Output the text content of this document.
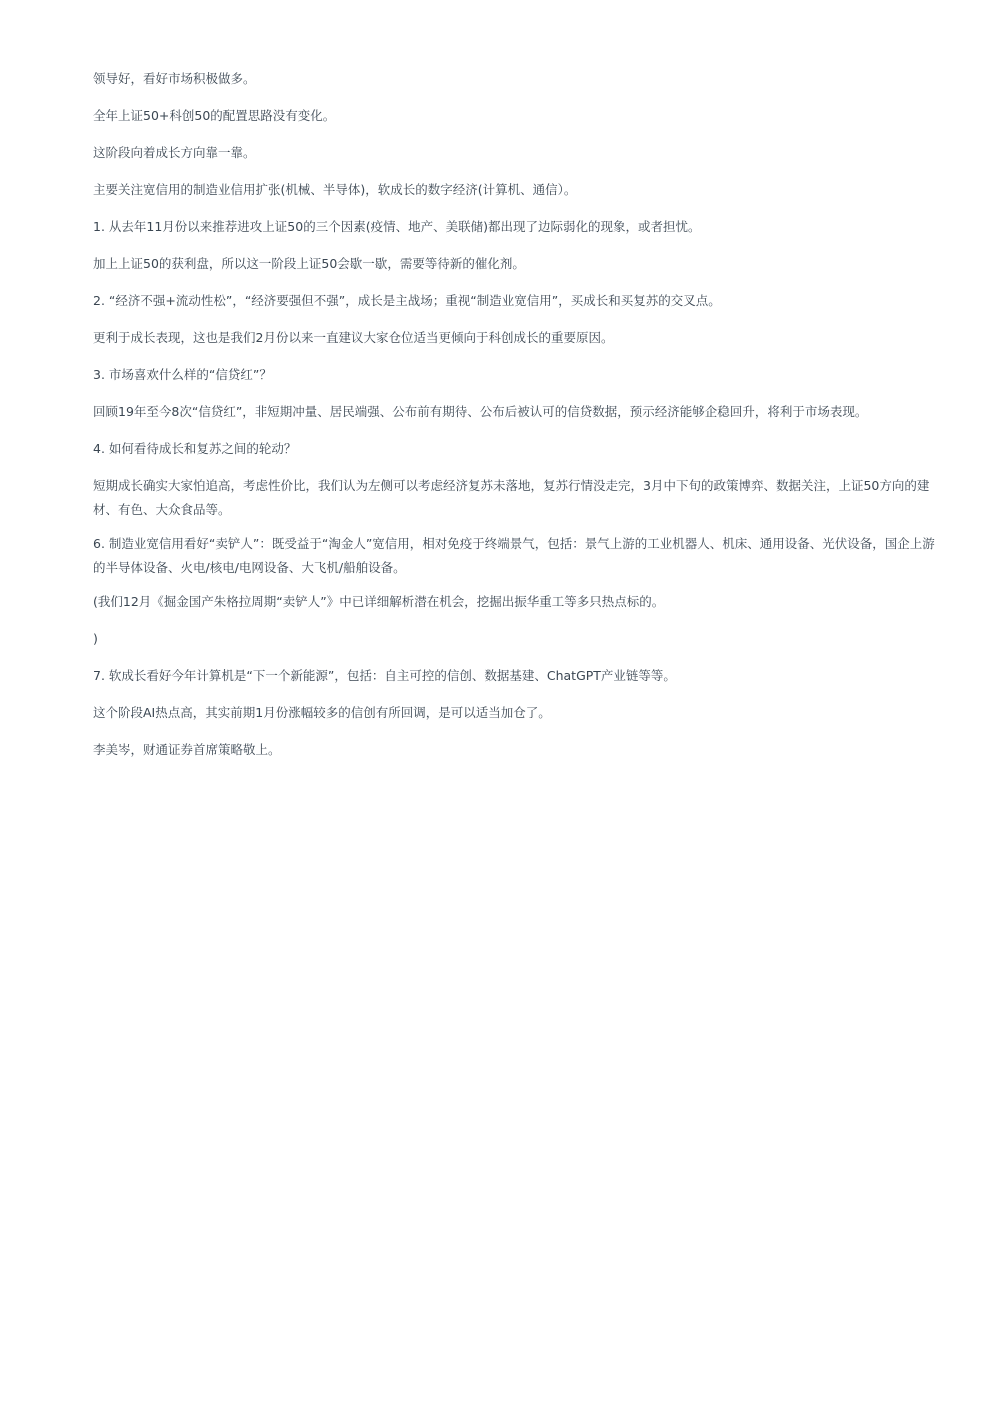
领导好，看好市场积极做多。

全年上证50+科创50的配置思路没有变化。

这阶段向着成长方向靠一靠。

主要关注宽信用的制造业信用扩张(机械、半导体)，软成长的数字经济(计算机、通信）。

1. 从去年11月份以来推荐进攻上证50的三个因素(疫情、地产、美联储)都出现了边际弱化的现象，或者担忧。

加上上证50的获利盘，所以这一阶段上证50会歇一歇，需要等待新的催化剂。

2. “经济不强+流动性松”，“经济要强但不强”，成长是主战场；重视“制造业宽信用”，买成长和买复苏的交叉点。

更利于成长表现，这也是我们2月份以来一直建议大家仓位适当更倾向于科创成长的重要原因。

3. 市场喜欢什么样的“信贷红”？

回顾19年至今8次“信贷红”，非短期冲量、居民端强、公布前有期待、公布后被认可的信贷数据，预示经济能够企稳回升，将利于市场表现。

4. 如何看待成长和复苏之间的轮动？

短期成长确实大家怕追高，考虑性价比，我们认为左侧可以考虑经济复苏未落地，复苏行情没走完，3月中下旬的政策博弈、数据关注，上证50方向的建材、有色、大众食品等。

6. 制造业宽信用看好“卖铲人”：既受益于“淘金人”宽信用，相对免疫于终端景气，包括：景气上游的工业机器人、机床、通用设备、光伏设备，国企上游的半导体设备、火电/核电/电网设备、大飞机/船舶设备。

(我们12月《掘金国产朱格拉周期“卖铲人”》中已详细解析潜在机会，挖掘出振华重工等多只热点标的。

)

7. 软成长看好今年计算机是“下一个新能源”，包括：自主可控的信创、数据基建、ChatGPT产业链等等。

这个阶段AI热点高，其实前期1月份涨幅较多的信创有所回调，是可以适当加仓了。

李美岑，财通证券首席策略敬上。
